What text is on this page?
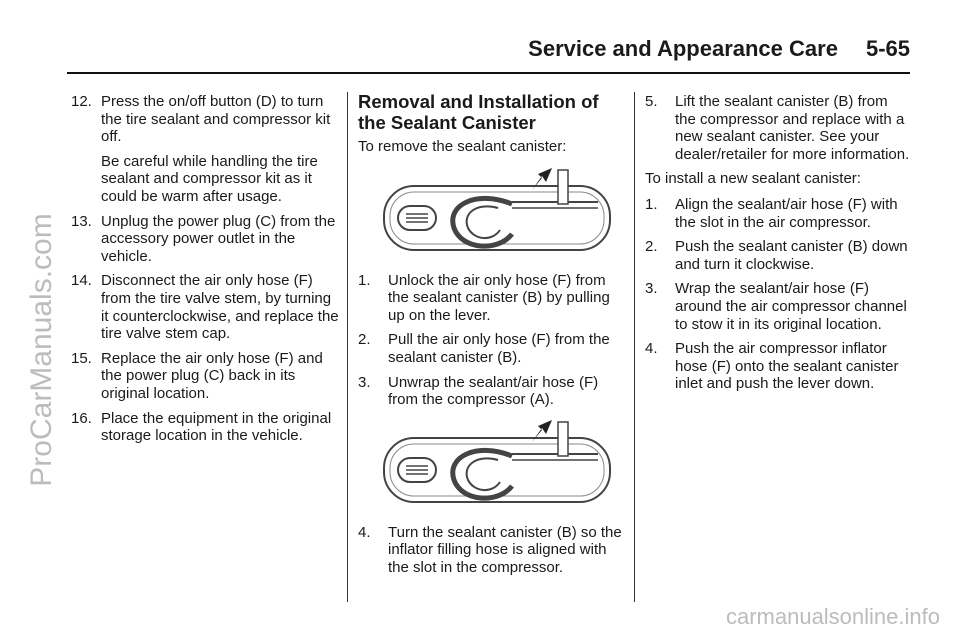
Service and Appearance Care 5-65
ProCarManuals.com
carmanualsonline.info
12. Press the on/off button (D) to turn the tire sealant and compressor kit off.
Be careful while handling the tire sealant and compressor kit as it could be warm after usage.
13. Unplug the power plug (C) from the accessory power outlet in the vehicle.
14. Disconnect the air only hose (F) from the tire valve stem, by turning it counterclockwise, and replace the tire valve stem cap.
15. Replace the air only hose (F) and the power plug (C) back in its original location.
16. Place the equipment in the original storage location in the vehicle.
Removal and Installation of the Sealant Canister
To remove the sealant canister:
1. Unlock the air only hose (F) from the sealant canister (B) by pulling up on the lever.
2. Pull the air only hose (F) from the sealant canister (B).
3. Unwrap the sealant/air hose (F) from the compressor (A).
4. Turn the sealant canister (B) so the inflator filling hose is aligned with the slot in the compressor.
5. Lift the sealant canister (B) from the compressor and replace with a new sealant canister. See your dealer/retailer for more information.
To install a new sealant canister:
1. Align the sealant/air hose (F) with the slot in the air compressor.
2. Push the sealant canister (B) down and turn it clockwise.
3. Wrap the sealant/air hose (F) around the air compressor channel to stow it in its original location.
4. Push the air compressor inflator hose (F) onto the sealant canister inlet and push the lever down.
